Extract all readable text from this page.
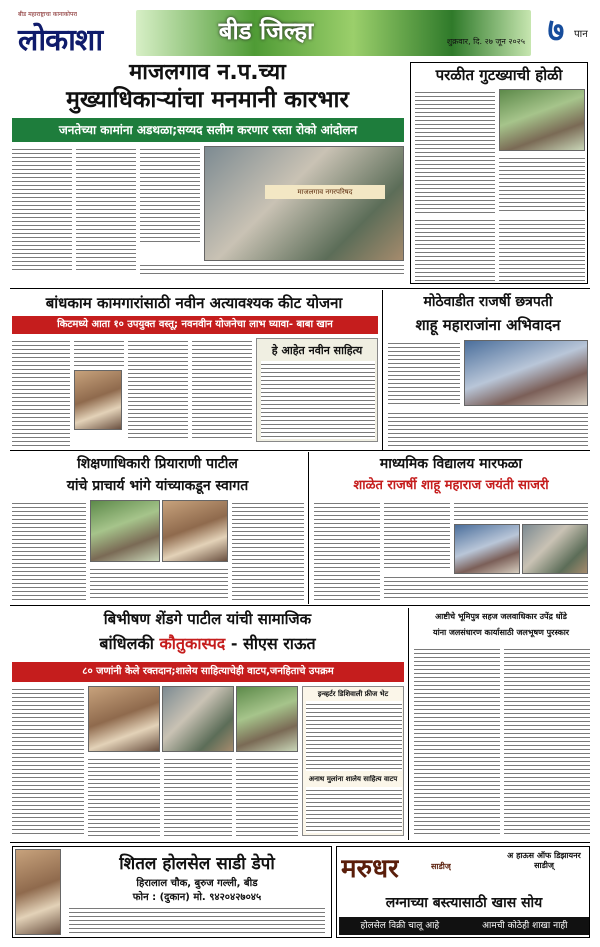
बीड महाराष्ट्राचा कानाकोपरा
लोकाशा	बीड जिल्हा	शुक्रवार, दि. २७ जून २०२५ ७ पान
माजलगाव न.प.च्या
मुख्याधिकाऱ्यांचा मनमानी कारभार
जनतेच्या कामांना अडथळा;सय्यद सलीम करणार रस्ता रोको आंदोलन
माजलगाव नगरपरिषद
परळीत गुटख्याची होळी
बांधकाम कामगारांसाठी नवीन अत्यावश्यक कीट योजना
किटमध्ये आता १० उपयुक्त वस्तू; नवनवीन योजनेचा लाभ घ्यावा- बाबा खान
हे आहेत नवीन साहित्य
मोठेवाडीत राजर्षी छत्रपती
शाहू महाराजांना अभिवादन
शिक्षणाधिकारी प्रियाराणी पाटील
यांचे प्राचार्य भांगे यांच्याकडून स्वागत
माध्यमिक विद्यालय मारफळा
शाळेत राजर्षी शाहू महाराज जयंती साजरी
बिभीषण शेंडगे पाटील यांची सामाजिक
बांधिलकी कौतुकास्पद - सीएस राऊत
८० जणांनी केले रक्तदान;शालेय साहित्याचेही वाटप,जनहिताचे उपक्रम
इन्व्हर्टर डिशिवाली फ्रीज भेट
अनाथ मुलांना शालेय साहित्य वाटप
आष्टीचे भूमिपुत्र सहज जलवाधिकार उपेंद्र धोंडे
यांना जलसंधारण कार्यासाठी जलभूषण पुरस्कार
शितल होलसेल साडी डेपो
हिरालाल चौक, बुरुज गल्ली, बीड
फोन : (दुकान) मो. ९४२०४२७०४५
मरुधर	साडीज्
अ हाऊस ऑफ डिझायनर साडीज्
लग्नाच्या बस्त्यासाठी खास सोय
होलसेल विक्री चालू आहे	आमची कोठेही शाखा नाही
